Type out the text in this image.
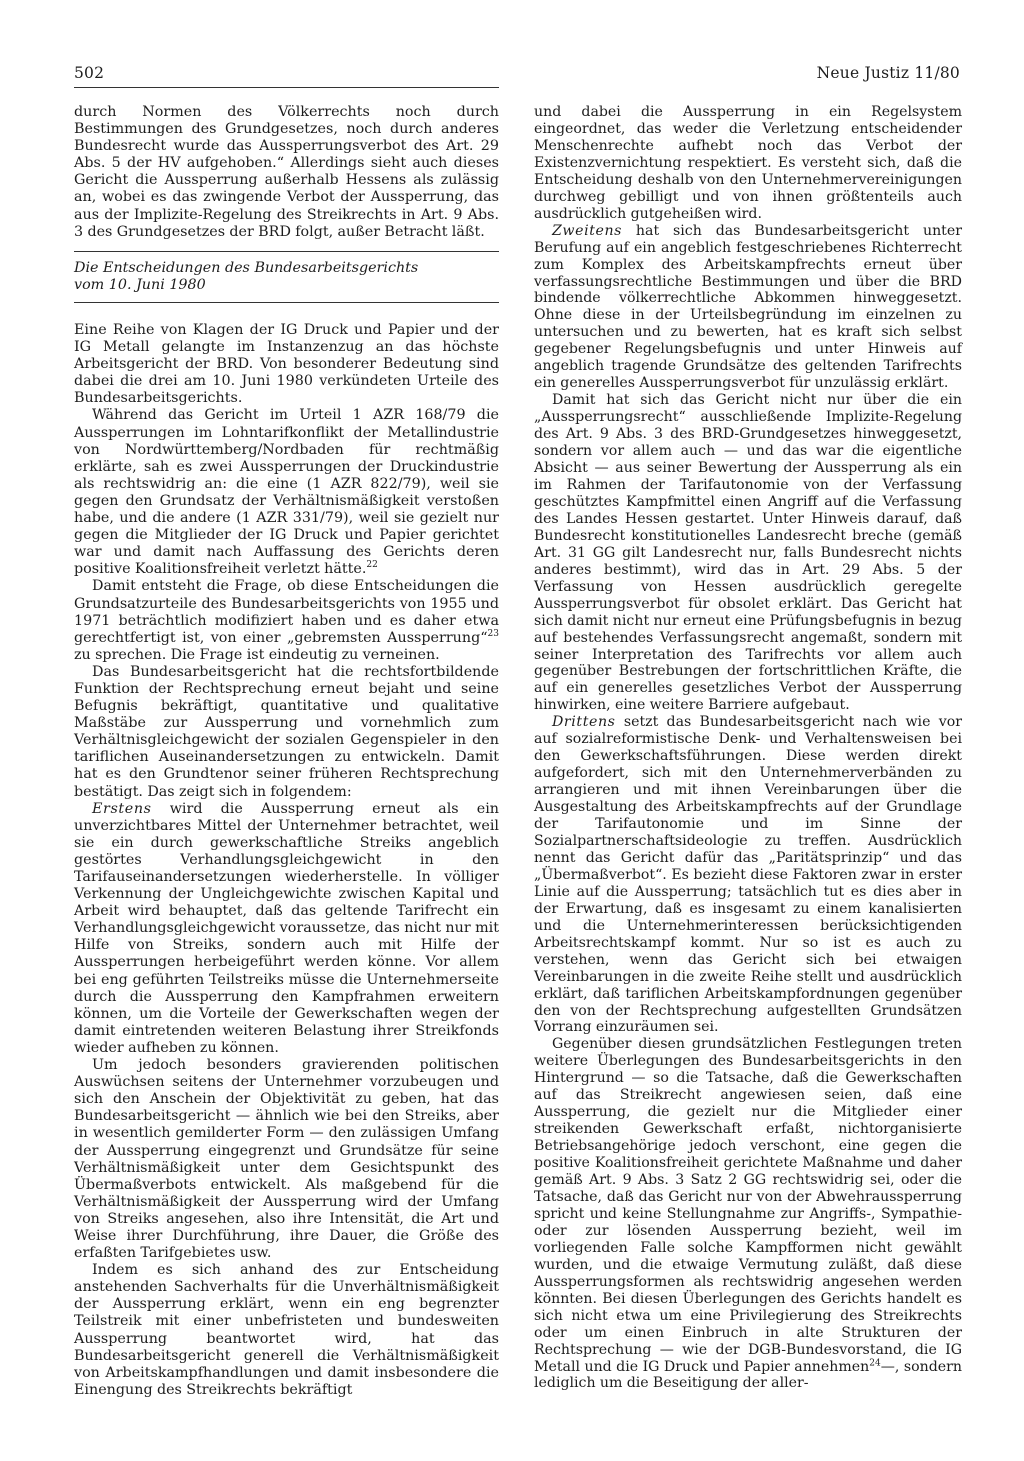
502	Neue Justiz 11/80

durch Normen des Völkerrechts noch durch Bestimmungen des Grundgesetzes, noch durch anderes Bundesrecht wurde das Aussperrungsverbot des Art. 29 Abs. 5 der HV aufgehoben.“ Allerdings sieht auch dieses Gericht die Aussperrung außerhalb Hessens als zulässig an, wobei es das zwingende Verbot der Aussperrung, das aus der Implizite-Regelung des Streikrechts in Art. 9 Abs. 3 des Grundgesetzes der BRD folgt, außer Betracht läßt.

Die Entscheidungen des Bundesarbeitsgerichts
vom 10. Juni 1980

Eine Reihe von Klagen der IG Druck und Papier und der IG Metall gelangte im Instanzenzug an das höchste Arbeitsgericht der BRD. Von besonderer Bedeutung sind dabei die drei am 10. Juni 1980 verkündeten Urteile des Bundesarbeitsgerichts.

Während das Gericht im Urteil 1 AZR 168/79 die Aussperrungen im Lohntarifkonflikt der Metallindustrie von Nordwürttemberg/Nordbaden für rechtmäßig erklärte, sah es zwei Aussperrungen der Druckindustrie als rechtswidrig an: die eine (1 AZR 822/79), weil sie gegen den Grundsatz der Verhältnismäßigkeit verstoßen habe, und die andere (1 AZR 331/79), weil sie gezielt nur gegen die Mitglieder der IG Druck und Papier gerichtet war und damit nach Auffassung des Gerichts deren positive Koalitionsfreiheit verletzt hätte.$^{22}$

Damit entsteht die Frage, ob diese Entscheidungen die Grundsatzurteile des Bundesarbeitsgerichts von 1955 und 1971 beträchtlich modifiziert haben und es daher etwa gerechtfertigt ist, von einer „gebremsten Aussperrung“$^{23}$ zu sprechen. Die Frage ist eindeutig zu verneinen.

Das Bundesarbeitsgericht hat die rechtsfortbildende Funktion der Rechtsprechung erneut bejaht und seine Befugnis bekräftigt, quantitative und qualitative Maßstäbe zur Aussperrung und vornehmlich zum Verhältnisgleichgewicht der sozialen Gegenspieler in den tariflichen Auseinandersetzungen zu entwickeln. Damit hat es den Grundtenor seiner früheren Rechtsprechung bestätigt. Das zeigt sich in folgendem:

Erstens wird die Aussperrung erneut als ein unverzichtbares Mittel der Unternehmer betrachtet, weil sie ein durch gewerkschaftliche Streiks angeblich gestörtes Verhandlungsgleichgewicht in den Tarifauseinandersetzungen wiederherstelle. In völliger Verkennung der Ungleichgewichte zwischen Kapital und Arbeit wird behauptet, daß das geltende Tarifrecht ein Verhandlungsgleichgewicht voraussetze, das nicht nur mit Hilfe von Streiks, sondern auch mit Hilfe der Aussperrungen herbeigeführt werden könne. Vor allem bei eng geführten Teilstreiks müsse die Unternehmerseite durch die Aussperrung den Kampfrahmen erweitern können, um die Vorteile der Gewerkschaften wegen der damit eintretenden weiteren Belastung ihrer Streikfonds wieder aufheben zu können.

Um jedoch besonders gravierenden politischen Auswüchsen seitens der Unternehmer vorzubeugen und sich den Anschein der Objektivität zu geben, hat das Bundesarbeitsgericht — ähnlich wie bei den Streiks, aber in wesentlich gemilderter Form — den zulässigen Umfang der Aussperrung eingegrenzt und Grundsätze für seine Verhältnismäßigkeit unter dem Gesichtspunkt des Übermaßverbots entwickelt. Als maßgebend für die Verhältnismäßigkeit der Aussperrung wird der Umfang von Streiks angesehen, also ihre Intensität, die Art und Weise ihrer Durchführung, ihre Dauer, die Größe des erfaßten Tarifgebietes usw.

Indem es sich anhand des zur Entscheidung anstehenden Sachverhalts für die Unverhältnismäßigkeit der Aussperrung erklärt, wenn ein eng begrenzter Teilstreik mit einer unbefristeten und bundesweiten Aussperrung beantwortet wird, hat das Bundesarbeitsgericht generell die Verhältnismäßigkeit von Arbeitskampfhandlungen und damit insbesondere die Einengung des Streikrechts bekräftigt

und dabei die Aussperrung in ein Regelsystem eingeordnet, das weder die Verletzung entscheidender Menschenrechte aufhebt noch das Verbot der Existenzvernichtung respektiert. Es versteht sich, daß die Entscheidung deshalb von den Unternehmervereinigungen durchweg gebilligt und von ihnen größtenteils auch ausdrücklich gutgeheißen wird.

Zweitens hat sich das Bundesarbeitsgericht unter Berufung auf ein angeblich festgeschriebenes Richterrecht zum Komplex des Arbeitskampfrechts erneut über verfassungsrechtliche Bestimmungen und über die BRD bindende völkerrechtliche Abkommen hinweggesetzt. Ohne diese in der Urteilsbegründung im einzelnen zu untersuchen und zu bewerten, hat es kraft sich selbst gegebener Regelungsbefugnis und unter Hinweis auf angeblich tragende Grundsätze des geltenden Tarifrechts ein generelles Aussperrungsverbot für unzulässig erklärt.

Damit hat sich das Gericht nicht nur über die ein „Aussperrungsrecht“ ausschließende Implizite-Regelung des Art. 9 Abs. 3 des BRD-Grundgesetzes hinweggesetzt, sondern vor allem auch — und das war die eigentliche Absicht — aus seiner Bewertung der Aussperrung als ein im Rahmen der Tarifautonomie von der Verfassung geschütztes Kampfmittel einen Angriff auf die Verfassung des Landes Hessen gestartet. Unter Hinweis darauf, daß Bundesrecht konstitutionelles Landesrecht breche (gemäß Art. 31 GG gilt Landesrecht nur, falls Bundesrecht nichts anderes bestimmt), wird das in Art. 29 Abs. 5 der Verfassung von Hessen ausdrücklich geregelte Aussperrungsverbot für obsolet erklärt. Das Gericht hat sich damit nicht nur erneut eine Prüfungsbefugnis in bezug auf bestehendes Verfassungsrecht angemaßt, sondern mit seiner Interpretation des Tarifrechts vor allem auch gegenüber Bestrebungen der fortschrittlichen Kräfte, die auf ein generelles gesetzliches Verbot der Aussperrung hinwirken, eine weitere Barriere aufgebaut.

Drittens setzt das Bundesarbeitsgericht nach wie vor auf sozialreformistische Denk- und Verhaltensweisen bei den Gewerkschaftsführungen. Diese werden direkt aufgefordert, sich mit den Unternehmerverbänden zu arrangieren und mit ihnen Vereinbarungen über die Ausgestaltung des Arbeitskampfrechts auf der Grundlage der Tarifautonomie und im Sinne der Sozialpartnerschaftsideologie zu treffen. Ausdrücklich nennt das Gericht dafür das „Paritätsprinzip“ und das „Übermaßverbot“. Es bezieht diese Faktoren zwar in erster Linie auf die Aussperrung; tatsächlich tut es dies aber in der Erwartung, daß es insgesamt zu einem kanalisierten und die Unternehmerinteressen berücksichtigenden Arbeitsrechtskampf kommt. Nur so ist es auch zu verstehen, wenn das Gericht sich bei etwaigen Vereinbarungen in die zweite Reihe stellt und ausdrücklich erklärt, daß tariflichen Arbeitskampfordnungen gegenüber den von der Rechtsprechung aufgestellten Grundsätzen Vorrang einzuräumen sei.

Gegenüber diesen grundsätzlichen Festlegungen treten weitere Überlegungen des Bundesarbeitsgerichts in den Hintergrund — so die Tatsache, daß die Gewerkschaften auf das Streikrecht angewiesen seien, daß eine Aussperrung, die gezielt nur die Mitglieder einer streikenden Gewerkschaft erfaßt, nichtorganisierte Betriebsangehörige jedoch verschont, eine gegen die positive Koalitionsfreiheit gerichtete Maßnahme und daher gemäß Art. 9 Abs. 3 Satz 2 GG rechtswidrig sei, oder die Tatsache, daß das Gericht nur von der Abwehraussperrung spricht und keine Stellungnahme zur Angriffs-, Sympathie- oder zur lösenden Aussperrung bezieht, weil im vorliegenden Falle solche Kampfformen nicht gewählt wurden, und die etwaige Vermutung zuläßt, daß diese Aussperrungsformen als rechtswidrig angesehen werden könnten. Bei diesen Überlegungen des Gerichts handelt es sich nicht etwa um eine Privilegierung des Streikrechts oder um einen Einbruch in alte Strukturen der Rechtsprechung — wie der DGB-Bundesvorstand, die IG Metall und die IG Druck und Papier annehmen$^{24}$—, sondern lediglich um die Beseitigung der aller-
